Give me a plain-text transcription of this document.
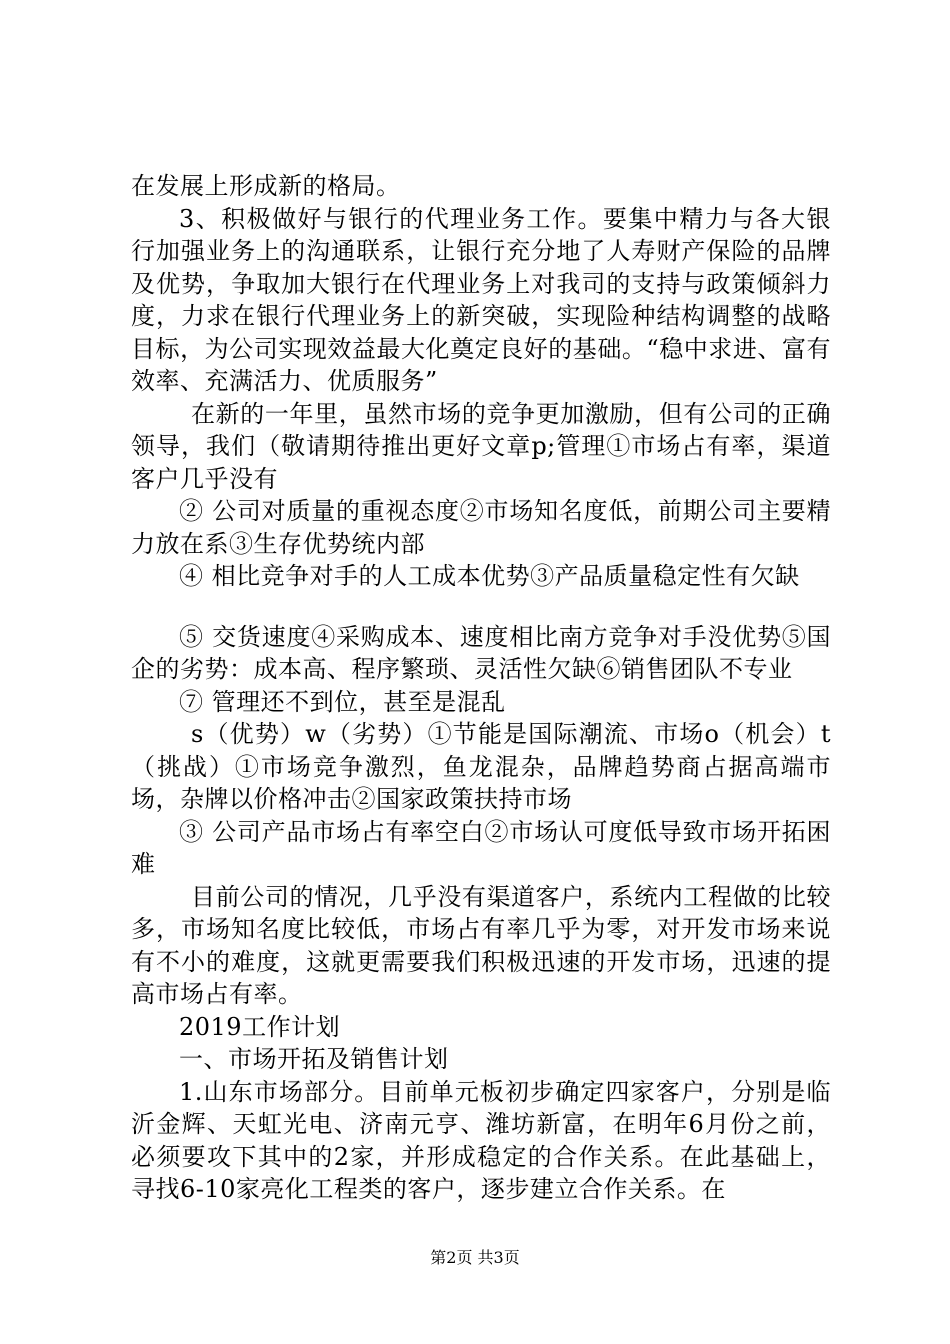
在发展上形成新的格局。

3、积极做好与银行的代理业务工作。要集中精力与各大银行加强业务上的沟通联系，让银行充分地了人寿财产保险的品牌及优势，争取加大银行在代理业务上对我司的支持与政策倾斜力度，力求在银行代理业务上的新突破，实现险种结构调整的战略目标，为公司实现效益最大化奠定良好的基础。“稳中求进、富有效率、充满活力、优质服务”

在新的一年里，虽然市场的竞争更加激励，但有公司的正确领导，我们（敬请期待推出更好文章p;管理①市场占有率，渠道客户几乎没有

② 公司对质量的重视态度②市场知名度低，前期公司主要精力放在系③生存优势统内部

④ 相比竞争对手的人工成本优势③产品质量稳定性有欠缺

⑤ 交货速度④采购成本、速度相比南方竞争对手没优势⑤国企的劣势：成本高、程序繁琐、灵活性欠缺⑥销售团队不专业

⑦ 管理还不到位，甚至是混乱

s（优势）w（劣势）①节能是国际潮流、市场o（机会）t（挑战）①市场竞争激烈，鱼龙混杂，品牌趋势商占据高端市场，杂牌以价格冲击②国家政策扶持市场

③ 公司产品市场占有率空白②市场认可度低导致市场开拓困难

目前公司的情况，几乎没有渠道客户，系统内工程做的比较多，市场知名度比较低，市场占有率几乎为零，对开发市场来说有不小的难度，这就更需要我们积极迅速的开发市场，迅速的提高市场占有率。

2019工作计划

一、市场开拓及销售计划

1.山东市场部分。目前单元板初步确定四家客户，分别是临沂金辉、天虹光电、济南元亨、潍坊新富，在明年6月份之前，必须要攻下其中的2家，并形成稳定的合作关系。在此基础上，寻找6-10家亮化工程类的客户，逐步建立合作关系。在

第2页 共3页
